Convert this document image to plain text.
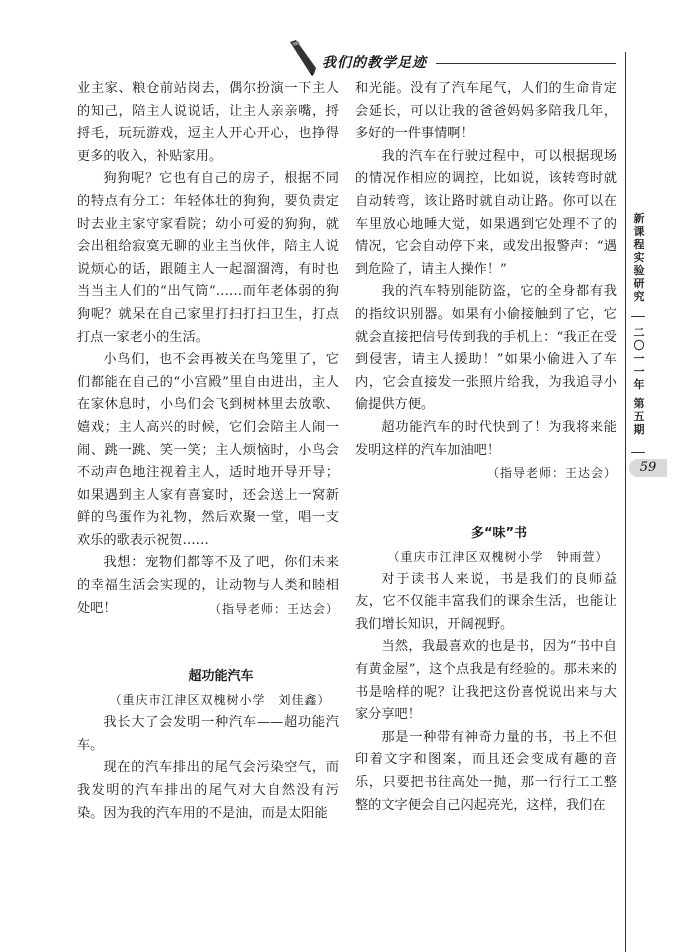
我们的教学足迹

业主家、粮仓前站岗去，偶尔扮演一下主人的知己，陪主人说说话，让主人亲亲嘴，捋捋毛，玩玩游戏，逗主人开心开心，也挣得更多的收入，补贴家用。

狗狗呢？它也有自己的房子，根据不同的特点有分工：年轻体壮的狗狗，要负责定时去业主家守家看院；幼小可爱的狗狗，就会出租给寂寞无聊的业主当伙伴，陪主人说说烦心的话，跟随主人一起溜溜湾，有时也当当主人们的“出气筒”……而年老体弱的狗狗呢？就呆在自己家里打扫打扫卫生，打点打点一家老小的生活。

小鸟们，也不会再被关在鸟笼里了，它们都能在自己的“小宫殿”里自由进出，主人在家休息时，小鸟们会飞到树林里去放歌、嬉戏；主人高兴的时候，它们会陪主人闹一闹、跳一跳、笑一笑；主人烦恼时，小鸟会不动声色地注视着主人，适时地开导开导；如果遇到主人家有喜宴时，还会送上一窝新鲜的鸟蛋作为礼物，然后欢聚一堂，唱一支欢乐的歌表示祝贺……

我想：宠物们都等不及了吧，你们未来的幸福生活会实现的，让动物与人类和睦相处吧！	（指导老师：王达会）

超功能汽车

（重庆市江津区双槐树小学　刘佳鑫）

我长大了会发明一种汽车——超功能汽车。

现在的汽车排出的尾气会污染空气，而我发明的汽车排出的尾气对大自然没有污染。因为我的汽车用的不是油，而是太阳能

和光能。没有了汽车尾气，人们的生命肯定会延长，可以让我的爸爸妈妈多陪我几年，多好的一件事情啊！

我的汽车在行驶过程中，可以根据现场的情况作相应的调控，比如说，该转弯时就自动转弯，该让路时就自动让路。你可以在车里放心地睡大觉，如果遇到它处理不了的情况，它会自动停下来，或发出报警声：“遇到危险了，请主人操作！”

我的汽车特别能防盗，它的全身都有我的指纹识别器。如果有小偷接触到了它，它就会直接把信号传到我的手机上：“我正在受到侵害，请主人援助！”如果小偷进入了车内，它会直接发一张照片给我，为我追寻小偷提供方便。

超功能汽车的时代快到了！为我将来能发明这样的汽车加油吧！

（指导老师：王达会）

多“味”书

（重庆市江津区双槐树小学　钟雨萱）

对于读书人来说，书是我们的良师益友，它不仅能丰富我们的课余生活，也能让我们增长知识，开阔视野。

当然，我最喜欢的也是书，因为“书中自有黄金屋”，这个点我是有经验的。那未来的书是啥样的呢？让我把这份喜悦说出来与大家分享吧！

那是一种带有神奇力量的书，书上不但印着文字和图案，而且还会变成有趣的音乐，只要把书往高处一抛，那一行行工工整整的文字便会自己闪起亮光，这样，我们在

新
课
程
实
验
研
究
二
〇
一
一
年
第
五
期
59
